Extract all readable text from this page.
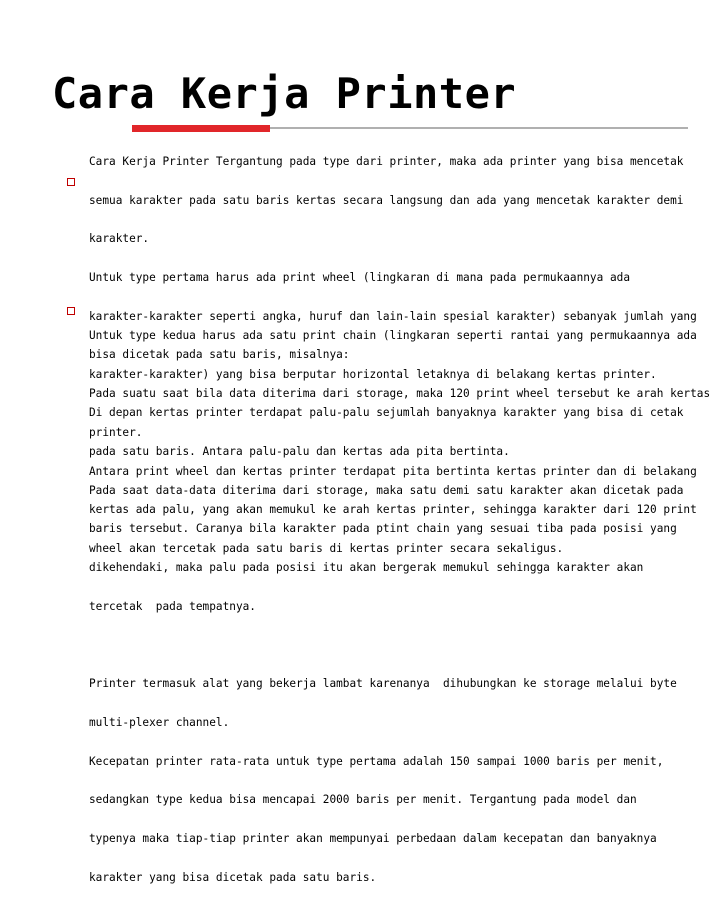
Cara Kerja Printer

Cara Kerja Printer Tergantung pada type dari printer, maka ada printer yang bisa mencetak

semua karakter pada satu baris kertas secara langsung dan ada yang mencetak karakter demi

karakter.

Untuk type pertama harus ada print wheel (lingkaran di mana pada permukaannya ada

karakter-karakter seperti angka, huruf dan lain-lain spesial karakter) sebanyak jumlah yang

bisa dicetak pada satu baris, misalnya:

Pada suatu saat bila data diterima dari storage, maka 120 print wheel tersebut ke arah kertas

printer.

Antara print wheel dan kertas printer terdapat pita bertinta kertas printer dan di belakang

kertas ada palu, yang akan memukul ke arah kertas printer, sehingga karakter dari 120 print

wheel akan tercetak pada satu baris di kertas printer secara sekaligus.

Untuk type kedua harus ada satu print chain (lingkaran seperti rantai yang permukaannya ada

karakter-karakter) yang bisa berputar horizontal letaknya di belakang kertas printer.

Di depan kertas printer terdapat palu-palu sejumlah banyaknya karakter yang bisa di cetak

pada satu baris. Antara palu-palu dan kertas ada pita bertinta.

Pada saat data-data diterima dari storage, maka satu demi satu karakter akan dicetak pada

baris tersebut. Caranya bila karakter pada ptint chain yang sesuai tiba pada posisi yang

dikehendaki, maka palu pada posisi itu akan bergerak memukul sehingga karakter akan

tercetak  pada tempatnya.

Printer termasuk alat yang bekerja lambat karenanya  dihubungkan ke storage melalui byte

multi-plexer channel.

Kecepatan printer rata-rata untuk type pertama adalah 150 sampai 1000 baris per menit,

sedangkan type kedua bisa mencapai 2000 baris per menit. Tergantung pada model dan

typenya maka tiap-tiap printer akan mempunyai perbedaan dalam kecepatan dan banyaknya

karakter yang bisa dicetak pada satu baris.
